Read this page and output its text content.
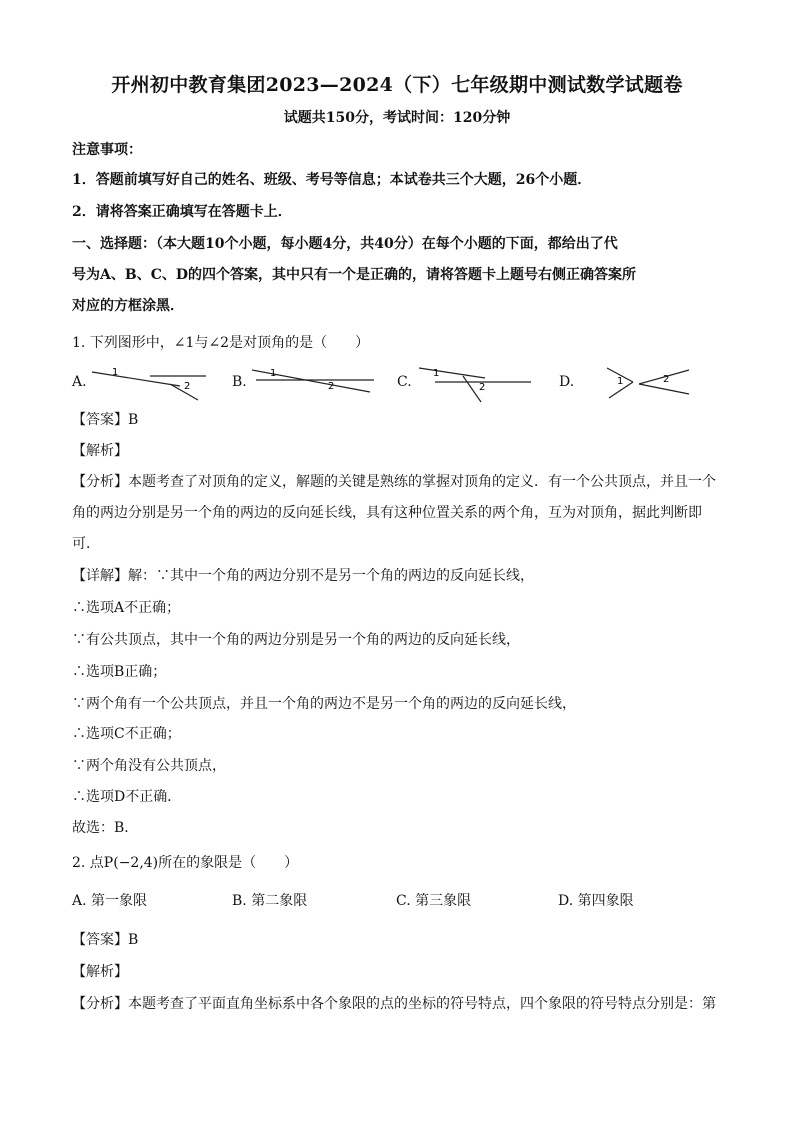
开州初中教育集团2023—2024（下）七年级期中测试数学试题卷
试题共150分，考试时间：120分钟
注意事项：
1．答题前填写好自己的姓名、班级、考号等信息；本试卷共三个大题，26个小题．
2．请将答案正确填写在答题卡上．
一、选择题：（本大题10个小题，每小题4分，共40分）在每个小题的下面，都给出了代
号为A、B、C、D的四个答案，其中只有一个是正确的，请将答题卡上题号右侧正确答案所
对应的方框涂黑．
1. 下列图形中，∠1与∠2是对顶角的是（　　）
A.
1
2	B.
1
2	C.
1
2	D.	1	2
【答案】B
【解析】
【分析】本题考查了对顶角的定义，解题的关键是熟练的掌握对顶角的定义．有一个公共顶点，并且一个
角的两边分别是另一个角的两边的反向延长线，具有这种位置关系的两个角，互为对顶角，据此判断即
可．
【详解】解：∵其中一个角的两边分别不是另一个角的两边的反向延长线，
∴选项A不正确；
∵有公共顶点，其中一个角的两边分别是另一个角的两边的反向延长线，
∴选项B正确；
∵两个角有一个公共顶点，并且一个角的两边不是另一个角的两边的反向延长线，
∴选项C不正确；
∵两个角没有公共顶点，
∴选项D不正确．
故选：B．
2. 点P(−2,4)所在的象限是（　　）
A. 第一象限	B. 第二象限	C. 第三象限	D. 第四象限
【答案】B
【解析】
【分析】本题考查了平面直角坐标系中各个象限的点的坐标的符号特点，四个象限的符号特点分别是：第
